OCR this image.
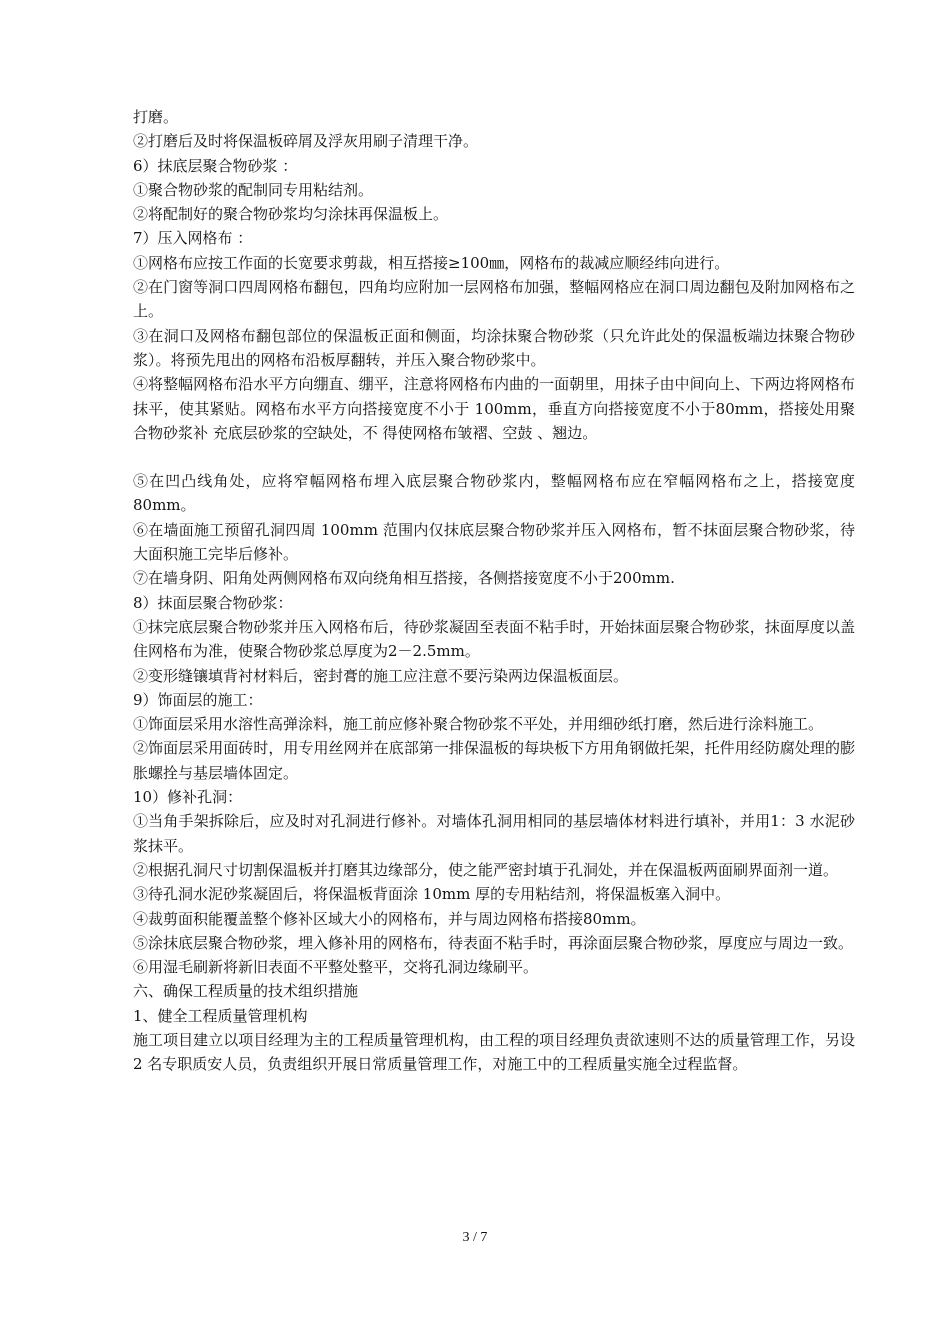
打磨。

②打磨后及时将保温板碎屑及浮灰用刷子清理干净。

6）抹底层聚合物砂浆 ：

①聚合物砂浆的配制同专用粘结剂。

②将配制好的聚合物砂浆均匀涂抹再保温板上。

7）压入网格布 ：

①网格布应按工作面的长宽要求剪裁，相互搭接≥100㎜，网格布的裁减应顺经纬向进行。

②在门窗等洞口四周网格布翻包，四角均应附加一层网格布加强，整幅网格应在洞口周边翻包及附加网格布之上。

③在洞口及网格布翻包部位的保温板正面和侧面，均涂抹聚合物砂浆（只允许此处的保温板端边抹聚合物砂浆）。将预先甩出的网格布沿板厚翻转，并压入聚合物砂浆中。

④将整幅网格布沿水平方向绷直、绷平，注意将网格布内曲的一面朝里，用抹子由中间向上、下两边将网格布抹平，使其紧贴。网格布水平方向搭接宽度不小于 100mm，垂直方向搭接宽度不小于80mm，搭接处用聚合物砂浆补 充底层砂浆的空缺处，不 得使网格布皱褶、空鼓 、翘边。

⑤在凹凸线角处，应将窄幅网格布埋入底层聚合物砂浆内，整幅网格布应在窄幅网格布之上，搭接宽度 80mm。

⑥在墙面施工预留孔洞四周 100mm 范围内仅抹底层聚合物砂浆并压入网格布，暂不抹面层聚合物砂浆，待大面积施工完毕后修补。

⑦在墙身阴、阳角处两侧网格布双向绕角相互搭接，各侧搭接宽度不小于200mm.

8）抹面层聚合物砂浆：

①抹完底层聚合物砂浆并压入网格布后，待砂浆凝固至表面不粘手时，开始抹面层聚合物砂浆，抹面厚度以盖住网格布为准，使聚合物砂浆总厚度为2－2.5mm。

②变形缝镶填背衬材料后，密封膏的施工应注意不要污染两边保温板面层。

9）饰面层的施工：

①饰面层采用水溶性高弹涂料，施工前应修补聚合物砂浆不平处，并用细砂纸打磨，然后进行涂料施工。

②饰面层采用面砖时，用专用丝网并在底部第一排保温板的每块板下方用角钢做托架，托件用经防腐处理的膨胀螺拴与基层墙体固定。

10）修补孔洞：

①当角手架拆除后，应及时对孔洞进行修补。对墙体孔洞用相同的基层墙体材料进行填补，并用1：3 水泥砂浆抹平。

②根据孔洞尺寸切割保温板并打磨其边缘部分，使之能严密封填于孔洞处，并在保温板两面刷界面剂一道。

③待孔洞水泥砂浆凝固后，将保温板背面涂 10mm 厚的专用粘结剂，将保温板塞入洞中。

④裁剪面积能覆盖整个修补区域大小的网格布，并与周边网格布搭接80mm。

⑤涂抹底层聚合物砂浆，埋入修补用的网格布，待表面不粘手时，再涂面层聚合物砂浆，厚度应与周边一致。

⑥用湿毛刷新将新旧表面不平整处整平，交将孔洞边缘刷平。

六、确保工程质量的技术组织措施

1、健全工程质量管理机构

施工项目建立以项目经理为主的工程质量管理机构，由工程的项目经理负责欲速则不达的质量管理工作，另设 2 名专职质安人员，负责组织开展日常质量管理工作，对施工中的工程质量实施全过程监督。

3 / 7
